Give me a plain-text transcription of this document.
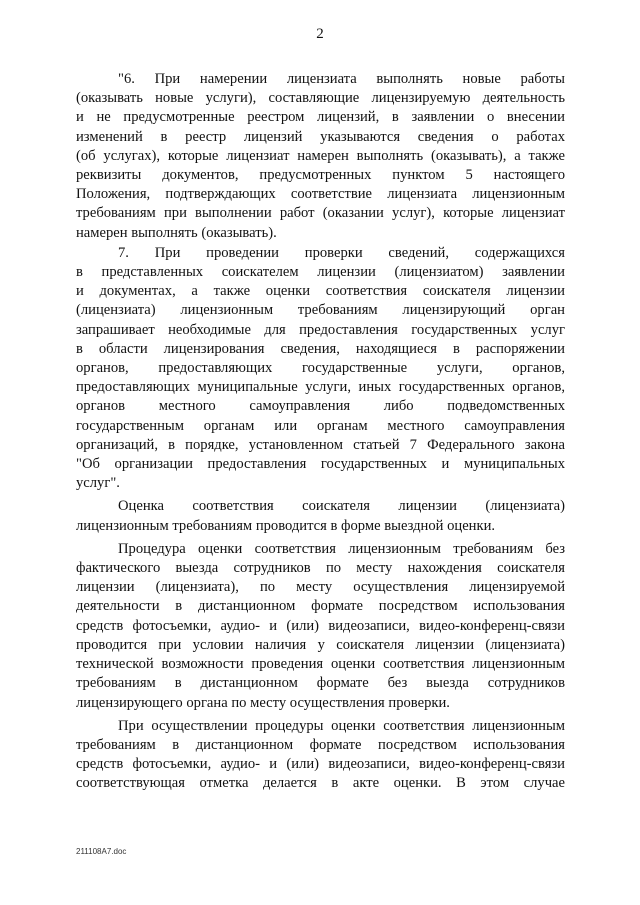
2
"6. При намерении лицензиата выполнять новые работы
(оказывать новые услуги), составляющие лицензируемую деятельность
и не предусмотренные реестром лицензий, в заявлении о внесении
изменений в реестр лицензий указываются сведения о работах
(об услугах), которые лицензиат намерен выполнять (оказывать), а также
реквизиты документов, предусмотренных пунктом 5 настоящего
Положения, подтверждающих соответствие лицензиата лицензионным
требованиям при выполнении работ (оказании услуг), которые лицензиат
намерен выполнять (оказывать).
7. При проведении проверки сведений, содержащихся
в представленных соискателем лицензии (лицензиатом) заявлении
и документах, а также оценки соответствия соискателя лицензии
(лицензиата) лицензионным требованиям лицензирующий орган
запрашивает необходимые для предоставления государственных услуг
в области лицензирования сведения, находящиеся в распоряжении
органов, предоставляющих государственные услуги, органов,
предоставляющих муниципальные услуги, иных государственных органов,
органов местного самоуправления либо подведомственных
государственным органам или органам местного самоуправления
организаций, в порядке, установленном статьей 7 Федерального закона
"Об организации предоставления государственных и муниципальных
услуг".
Оценка соответствия соискателя лицензии (лицензиата)
лицензионным требованиям проводится в форме выездной оценки.
Процедура оценки соответствия лицензионным требованиям без
фактического выезда сотрудников по месту нахождения соискателя
лицензии (лицензиата), по месту осуществления лицензируемой
деятельности в дистанционном формате посредством использования
средств фотосъемки, аудио- и (или) видеозаписи, видео-конференц-связи
проводится при условии наличия у соискателя лицензии (лицензиата)
технической возможности проведения оценки соответствия лицензионным
требованиям в дистанционном формате без выезда сотрудников
лицензирующего органа по месту осуществления проверки.
При осуществлении процедуры оценки соответствия лицензионным
требованиям в дистанционном формате посредством использования
средств фотосъемки, аудио- и (или) видеозаписи, видео-конференц-связи
соответствующая отметка делается в акте оценки. В этом случае
211108А7.doc
